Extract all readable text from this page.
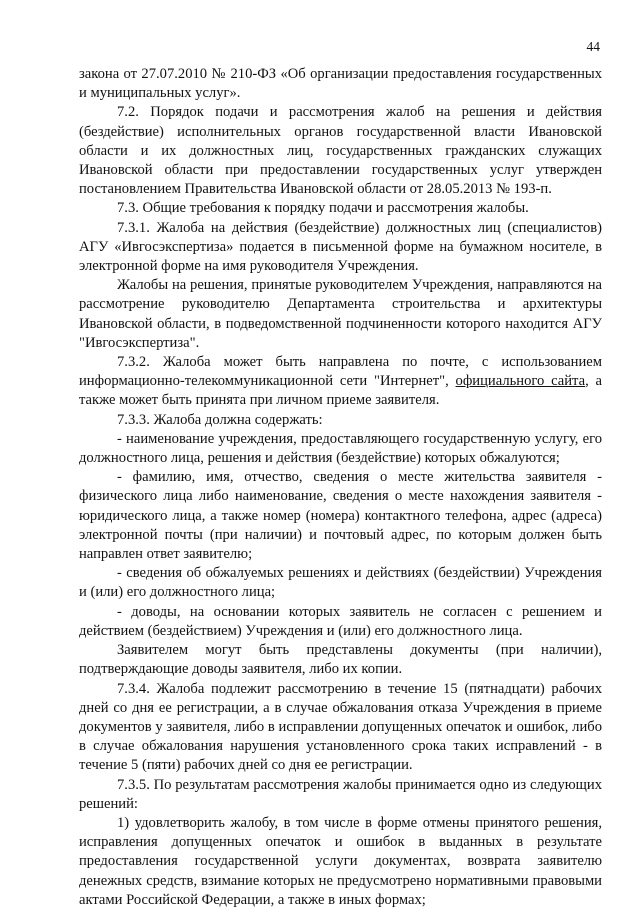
44

закона от 27.07.2010 № 210-ФЗ «Об организации предоставления государственных и муниципальных услуг».

7.2. Порядок подачи и рассмотрения жалоб на решения и действия (бездействие) исполнительных органов государственной власти Ивановской области и их должностных лиц, государственных гражданских служащих Ивановской области при предоставлении государственных услуг утвержден постановлением Правительства Ивановской области от 28.05.2013 № 193-п.

7.3. Общие требования к порядку подачи и рассмотрения жалобы.

7.3.1. Жалоба на действия (бездействие) должностных лиц (специалистов) АГУ «Ивгосэкспертиза» подается в письменной форме на бумажном носителе, в электронной форме на имя руководителя Учреждения.

Жалобы на решения, принятые руководителем Учреждения, направляются на рассмотрение руководителю Департамента строительства и архитектуры Ивановской области, в подведомственной подчиненности которого находится АГУ "Ивгосэкспертиза".

7.3.2. Жалоба может быть направлена по почте, с использованием информационно-телекоммуникационной сети "Интернет", официального сайта, а также может быть принята при личном приеме заявителя.

7.3.3. Жалоба должна содержать:

- наименование учреждения, предоставляющего государственную услугу, его должностного лица, решения и действия (бездействие) которых обжалуются;

- фамилию, имя, отчество, сведения о месте жительства заявителя - физического лица либо наименование, сведения о месте нахождения заявителя - юридического лица, а также номер (номера) контактного телефона, адрес (адреса) электронной почты (при наличии) и почтовый адрес, по которым должен быть направлен ответ заявителю;

- сведения об обжалуемых решениях и действиях (бездействии) Учреждения и (или) его должностного лица;

- доводы, на основании которых заявитель не согласен с решением и действием (бездействием) Учреждения и (или) его должностного лица.

Заявителем могут быть представлены документы (при наличии), подтверждающие доводы заявителя, либо их копии.

7.3.4. Жалоба подлежит рассмотрению в течение 15 (пятнадцати) рабочих дней со дня ее регистрации, а в случае обжалования отказа Учреждения в приеме документов у заявителя, либо в исправлении допущенных опечаток и ошибок, либо в случае обжалования нарушения установленного срока таких исправлений - в течение 5 (пяти) рабочих дней со дня ее регистрации.

7.3.5. По результатам рассмотрения жалобы принимается одно из следующих решений:

1) удовлетворить жалобу, в том числе в форме отмены принятого решения, исправления допущенных опечаток и ошибок в выданных в результате предоставления государственной услуги документах, возврата заявителю денежных средств, взимание которых не предусмотрено нормативными правовыми актами Российской Федерации, а также в иных формах;
